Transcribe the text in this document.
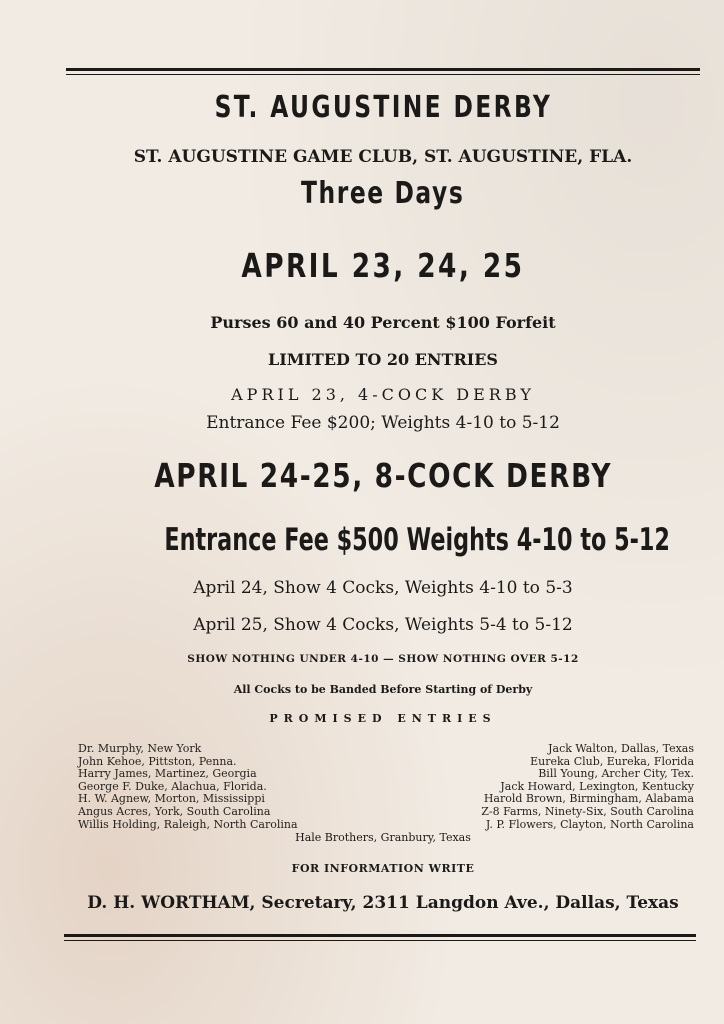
ST. AUGUSTINE DERBY
ST. AUGUSTINE GAME CLUB, ST. AUGUSTINE, FLA.
Three Days
APRIL 23, 24, 25
Purses 60 and 40 Percent $100 Forfeit
LIMITED TO 20 ENTRIES
APRIL 23, 4-COCK DERBY
Entrance Fee $200; Weights 4-10 to 5-12
APRIL 24-25, 8-COCK DERBY
Entrance Fee $500 Weights 4-10 to 5-12
April 24, Show 4 Cocks, Weights 4-10 to 5-3
April 25, Show 4 Cocks, Weights 5-4 to 5-12
SHOW NOTHING UNDER 4-10 — SHOW NOTHING OVER 5-12
All Cocks to be Banded Before Starting of Derby
PROMISED ENTRIES
Dr. Murphy, New York
John Kehoe, Pittston, Penna.
Harry James, Martinez, Georgia
George F. Duke, Alachua, Florida.
H. W. Agnew, Morton, Mississippi
Angus Acres, York, South Carolina
Willis Holding, Raleigh, North Carolina
Jack Walton, Dallas, Texas
Eureka Club, Eureka, Florida
Bill Young, Archer City, Tex.
Jack Howard, Lexington, Kentucky
Harold Brown, Birmingham, Alabama
Z-8 Farms, Ninety-Six, South Carolina
J. P. Flowers, Clayton, North Carolina
Hale Brothers, Granbury, Texas
FOR INFORMATION WRITE
D. H. WORTHAM, Secretary, 2311 Langdon Ave., Dallas, Texas
